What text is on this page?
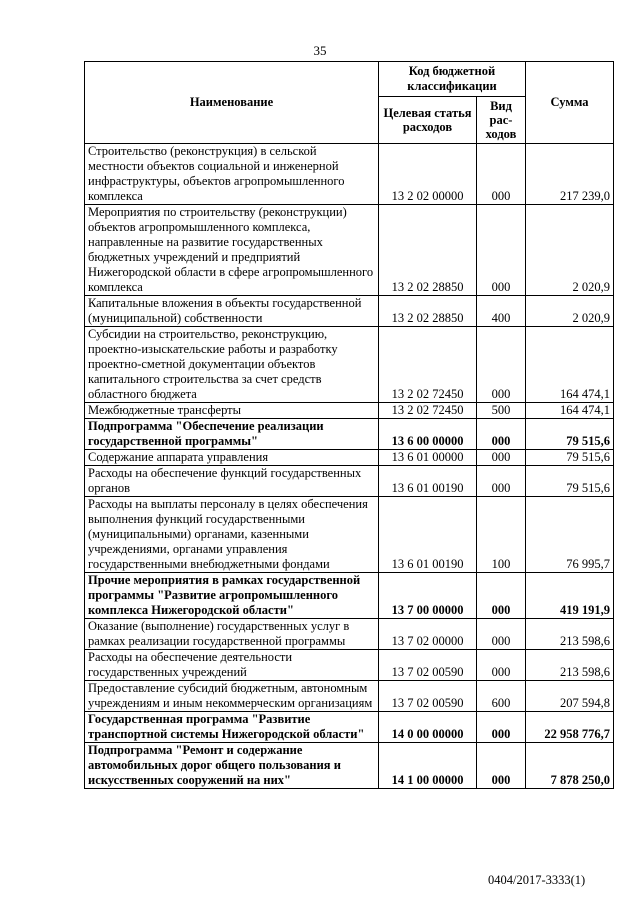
35
Наименование	Код бюджетной классификации		Сумма
	Целевая статья расходов	Вид рас-ходов	
Строительство (реконструкция) в сельской местности объектов социальной и инженерной инфраструктуры, объектов агропромышленного комплекса	13 2 02 00000	000	217 239,0
Мероприятия по строительству (реконструкции) объектов агропромышленного комплекса, направленные на развитие государственных бюджетных учреждений и предприятий Нижегородской области в сфере агропромышленного комплекса	13 2 02 28850	000	2 020,9
Капитальные вложения в объекты государственной (муниципальной) собственности	13 2 02 28850	400	2 020,9
Субсидии на строительство, реконструкцию, проектно-изыскательские работы и разработку проектно-сметной документации объектов капитального строительства за счет средств областного бюджета	13 2 02 72450	000	164 474,1
Межбюджетные трансферты	13 2 02 72450	500	164 474,1
Подпрограмма "Обеспечение реализации государственной программы"	13 6 00 00000	000	79 515,6
Содержание аппарата управления	13 6 01 00000	000	79 515,6
Расходы на обеспечение функций государственных органов	13 6 01 00190	000	79 515,6
Расходы на выплаты персоналу в целях обеспечения выполнения функций государственными (муниципальными) органами, казенными учреждениями, органами управления государственными внебюджетными фондами	13 6 01 00190	100	76 995,7
Прочие мероприятия в рамках государственной программы "Развитие агропромышленного комплекса Нижегородской области"	13 7 00 00000	000	419 191,9
Оказание (выполнение) государственных услуг в рамках реализации государственной программы	13 7 02 00000	000	213 598,6
Расходы на обеспечение деятельности государственных учреждений	13 7 02 00590	000	213 598,6
Предоставление субсидий бюджетным, автономным учреждениям и иным некоммерческим организациям	13 7 02 00590	600	207 594,8
Государственная программа "Развитие транспортной системы Нижегородской области"	14 0 00 00000	000	22 958 776,7
Подпрограмма "Ремонт и содержание автомобильных дорог общего пользования и искусственных сооружений на них"	14 1 00 00000	000	7 878 250,0
0404/2017-3333(1)
